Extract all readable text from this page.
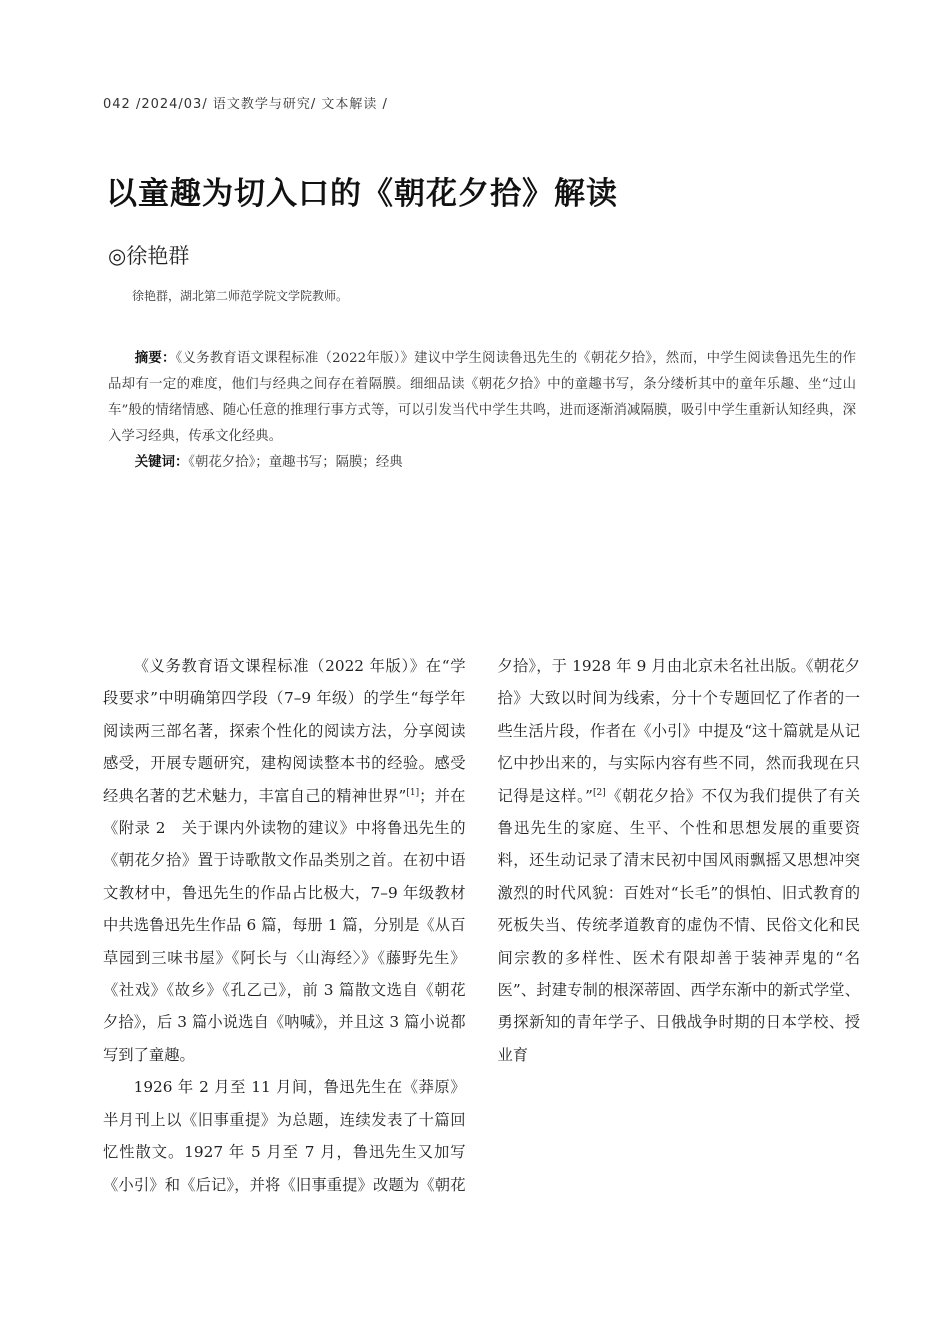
042 /2024/03/ 语文教学与研究/ 文本解读 /
以童趣为切入口的《朝花夕拾》解读
◎徐艳群
徐艳群，湖北第二师范学院文学院教师。

摘要：《义务教育语文课程标准（2022年版）》建议中学生阅读鲁迅先生的《朝花夕拾》，然而，中学生阅读鲁迅先生的作品却有一定的难度，他们与经典之间存在着隔膜。细细品读《朝花夕拾》中的童趣书写，条分缕析其中的童年乐趣、坐“过山车”般的情绪情感、随心任意的推理行事方式等，可以引发当代中学生共鸣，进而逐渐消减隔膜，吸引中学生重新认知经典，深入学习经典，传承文化经典。

关键词：《朝花夕拾》；童趣书写；隔膜；经典

《义务教育语文课程标准（2022 年版）》在“学段要求”中明确第四学段（7–9 年级）的学生“每学年阅读两三部名著，探索个性化的阅读方法，分享阅读感受，开展专题研究，建构阅读整本书的经验。感受经典名著的艺术魅力，丰富自己的精神世界”[1]；并在《附录 2　关于课内外读物的建议》中将鲁迅先生的《朝花夕拾》置于诗歌散文作品类别之首。在初中语文教材中，鲁迅先生的作品占比极大，7–9 年级教材中共选鲁迅先生作品 6 篇，每册 1 篇，分别是《从百草园到三味书屋》《阿长与〈山海经〉》《藤野先生》《社戏》《故乡》《孔乙己》，前 3 篇散文选自《朝花夕拾》，后 3 篇小说选自《呐喊》，并且这 3 篇小说都写到了童趣。

1926 年 2 月至 11 月间，鲁迅先生在《莽原》半月刊上以《旧事重提》为总题，连续发表了十篇回忆性散文。1927 年 5 月至 7 月，鲁迅先生又加写《小引》和《后记》，并将《旧事重提》改题为《朝花夕拾》，于 1928 年 9 月由北京未名社出版。《朝花夕拾》大致以时间为线索，分十个专题回忆了作者的一些生活片段，作者在《小引》中提及“这十篇就是从记忆中抄出来的，与实际内容有些不同，然而我现在只记得是这样。”[2]《朝花夕拾》不仅为我们提供了有关鲁迅先生的家庭、生平、个性和思想发展的重要资料，还生动记录了清末民初中国风雨飘摇又思想冲突激烈的时代风貌：百姓对“长毛”的惧怕、旧式教育的死板失当、传统孝道教育的虚伪不情、民俗文化和民间宗教的多样性、医术有限却善于装神弄鬼的“名医”、封建专制的根深蒂固、西学东渐中的新式学堂、勇探新知的青年学子、日俄战争时期的日本学校、授业育
